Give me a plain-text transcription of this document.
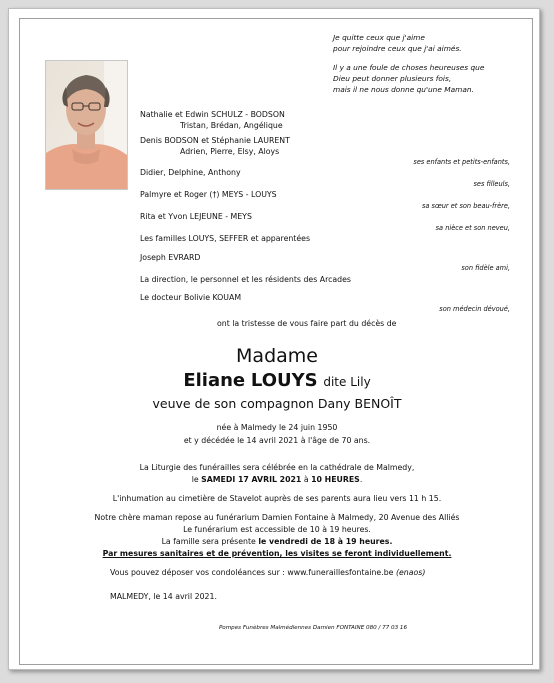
Je quitte ceux que j'aime
pour rejoindre ceux que j'ai aimés.
Il y a une foule de choses heureuses que
Dieu peut donner plusieurs fois,
mais il ne nous donne qu'une Maman.
Nathalie et Edwin SCHULZ - BODSON
Tristan, Brédan, Angélique
Denis BODSON et Stéphanie LAURENT
Adrien, Pierre, Elsy, Aloys
ses enfants et petits-enfants,
Didier, Delphine, Anthony
ses filleuls,
Palmyre et Roger (†) MEYS - LOUYS
sa sœur et son beau-frère,
Rita et Yvon LEJEUNE - MEYS
sa nièce et son neveu,
Les familles LOUYS, SEFFER et apparentées
Joseph EVRARD
son fidèle ami,
La direction, le personnel et les résidents des Arcades
Le docteur Bolivie KOUAM
son médecin dévoué,
ont la tristesse de vous faire part du décès de
Madame
Eliane LOUYS dite Lily
veuve de son compagnon Dany BENOÎT
née à Malmedy le 24 juin 1950
et y décédée le 14 avril 2021 à l'âge de 70 ans.
La Liturgie des funérailles sera célébrée en la cathédrale de Malmedy,
le SAMEDI 17 AVRIL 2021 à 10 HEURES.
L'inhumation au cimetière de Stavelot auprès de ses parents aura lieu vers 11 h 15.
Notre chère maman repose au funérarium Damien Fontaine à Malmedy, 20 Avenue des Alliés
Le funérarium est accessible de 10 à 19 heures.
La famille sera présente le vendredi de 18 à 19 heures.
Par mesures sanitaires et de prévention, les visites se feront individuellement.
Vous pouvez déposer vos condoléances sur : www.funeraillesfontaine.be (enaos)
MALMEDY, le 14 avril 2021.
Pompes Funèbres Malmédiennes Damien FONTAINE 080 / 77 03 16
